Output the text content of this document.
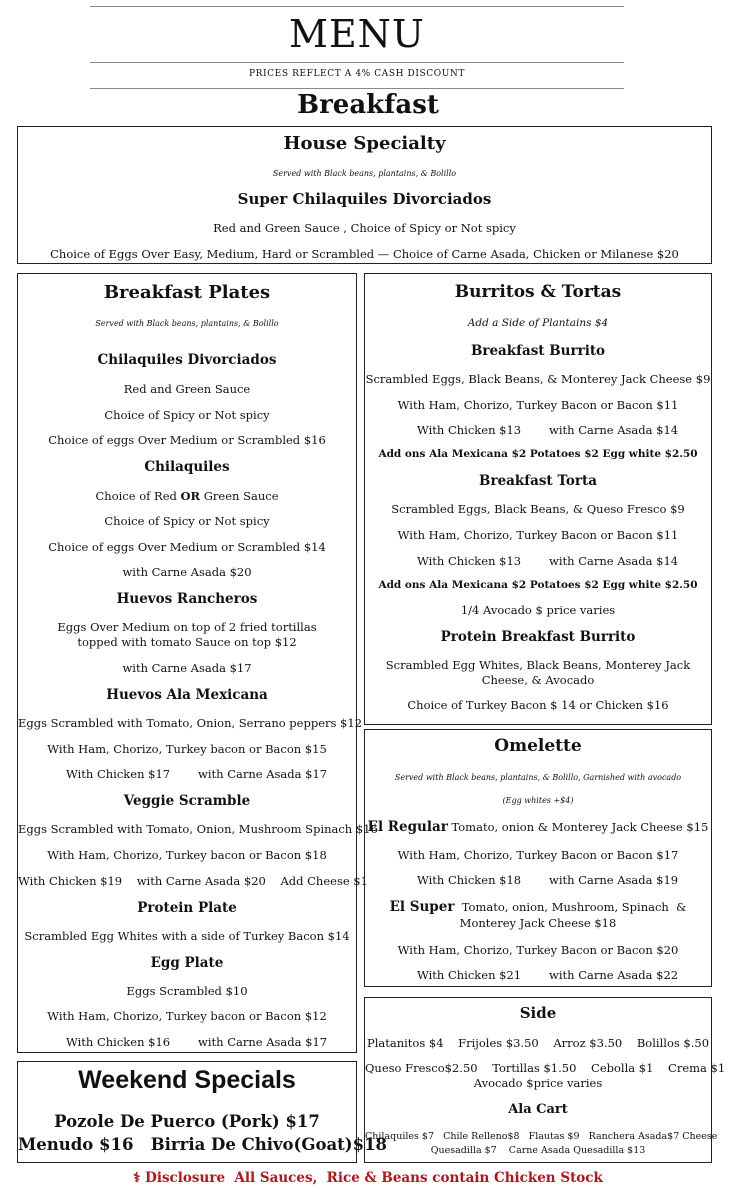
MENU
PRICES REFLECT A 4% CASH DISCOUNT
Breakfast
House Specialty
Served with Black beans, plantains, & Bolillo
Super Chilaquiles Divorciados
Red and Green Sauce , Choice of Spicy or Not spicy
Choice of Eggs Over Easy, Medium, Hard or Scrambled — Choice of Carne Asada, Chicken or Milanese $20
Breakfast Plates
Served with Black beans, plantains, & Bolillo
Chilaquiles Divorciados
Red and Green Sauce
Choice of Spicy or Not spicy
Choice of eggs Over Medium or Scrambled $16
Chilaquiles
Choice of Red OR Green Sauce
Choice of Spicy or Not spicy
Choice of eggs Over Medium or Scrambled $14
with Carne Asada $20
Huevos Rancheros
Eggs Over Medium on top of 2 fried tortillas topped with tomato Sauce on top $12
with Carne Asada $17
Huevos Ala Mexicana
Eggs Scrambled with Tomato, Onion, Serrano peppers $12
With Ham, Chorizo, Turkey bacon or Bacon $15
With Chicken $17 with Carne Asada $17
Veggie Scramble
Eggs Scrambled with Tomato, Onion, Mushroom Spinach $16
With Ham, Chorizo, Turkey bacon or Bacon $18
With Chicken $19    with Carne Asada $20    Add Cheese $1
Protein Plate
Scrambled Egg Whites with a side of Turkey Bacon $14
Egg Plate
Eggs Scrambled $10
With Ham, Chorizo, Turkey bacon or Bacon $12
With Chicken $16 with Carne Asada $17
Weekend Specials
Pozole De Puerco (Pork) $17
Menudo $16   Birria De Chivo(Goat)$18
Burritos & Tortas
Add a Side of Plantains $4
Breakfast Burrito
Scrambled Eggs, Black Beans, & Monterey Jack Cheese $9
With Ham, Chorizo, Turkey Bacon or Bacon $11
With Chicken $13 with Carne Asada $14
Add ons Ala Mexicana $2 Potatoes $2 Egg white $2.50
Breakfast Torta
Scrambled Eggs, Black Beans, & Queso Fresco $9
With Ham, Chorizo, Turkey Bacon or Bacon $11
With Chicken $13 with Carne Asada $14
Add ons Ala Mexicana $2 Potatoes $2 Egg white $2.50
1/4 Avocado $ price varies
Protein Breakfast Burrito
Scrambled Egg Whites, Black Beans, Monterey Jack Cheese, & Avocado
Choice of Turkey Bacon $ 14 or Chicken $16
Omelette
Served with Black beans, plantains, & Bolillo, Garnished with avocado
(Egg whites +$4)
El Regular Tomato, onion & Monterey Jack Cheese $15
With Ham, Chorizo, Turkey Bacon or Bacon $17
With Chicken $18 with Carne Asada $19
El Super  Tomato, onion, Mushroom, Spinach  & Monterey Jack Cheese $18
With Ham, Chorizo, Turkey Bacon or Bacon $20
With Chicken $21 with Carne Asada $22
Side
Platanitos $4    Frijoles $3.50    Arroz $3.50    Bolillos $.50
Queso Fresco$2.50    Tortillas $1.50    Cebolla $1    Crema $1
Avocado $price varies
Ala Cart
Chilaquiles $7   Chile Relleno$8   Flautas $9   Ranchera Asada$7 Cheese
Quesadilla $7    Carne Asada Quesadilla $13
⚕ Disclosure  All Sauces,  Rice & Beans contain Chicken Stock
